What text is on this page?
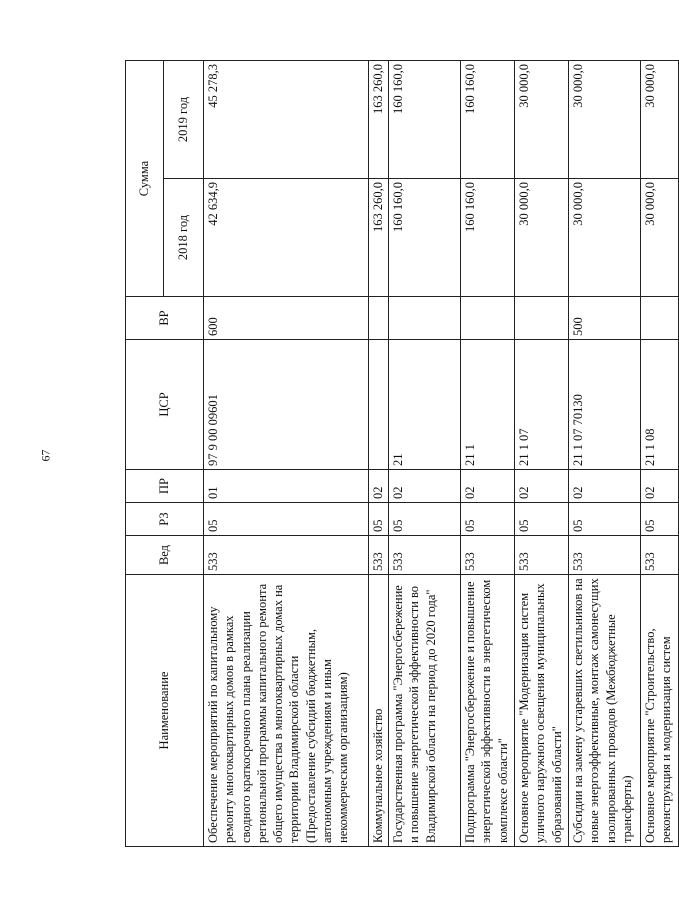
67
Наименование	Вед	РЗ	ПР	ЦСР	ВР	Сумма	
						2018 год	2019 год
Обеспечение мероприятий по капитальному ремонту многоквартирных домов в рамках сводного краткосрочного плана реализации региональной программы капитального ремонта общего имущества в многоквартирных домах на территории Владимирской области (Предоставление субсидий бюджетным, автономным учреждениям и иным некоммерческим организациям)	533	05	01	97 9 00 09601	600	42 634,9	45 278,3
Коммунальное хозяйство	533	05	02			163 260,0	163 260,0
Государственная программа "Энергосбережение и повышение энергетической эффективности во Владимирской области на период до 2020 года"	533	05	02	21		160 160,0	160 160,0
Подпрограмма "Энергосбережение и повышение энергетической эффективности в энергетическом комплексе области"	533	05	02	21 1		160 160,0	160 160,0
Основное мероприятие "Модернизация систем уличного наружного освещения муниципальных образований области"	533	05	02	21 1 07		30 000,0	30 000,0
Субсидии на замену устаревших светильников на новые энергоэффективные, монтаж самонесущих изолированных проводов (Межбюджетные трансферты)	533	05	02	21 1 07 70130	500	30 000,0	30 000,0
Основное мероприятие "Строительство, реконструкция и модернизация систем	533	05	02	21 1 08		30 000,0	30 000,0
